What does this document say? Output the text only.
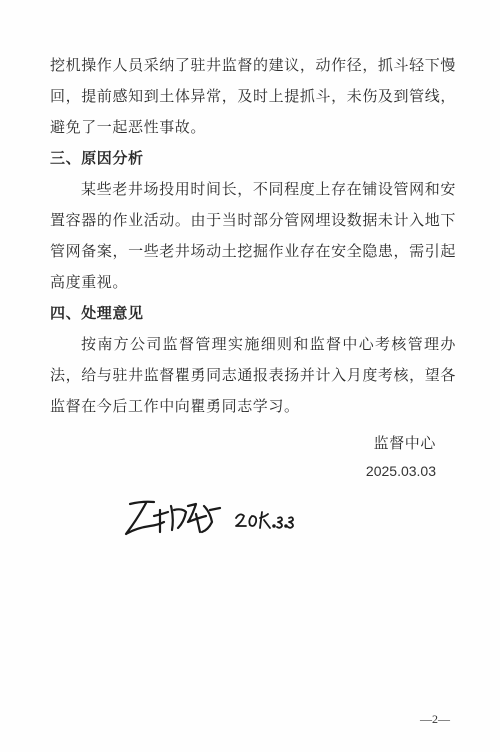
挖机操作人员采纳了驻井监督的建议，动作径，抓斗轻下慢回，提前感知到土体异常，及时上提抓斗，未伤及到管线，避免了一起恶性事故。

三、原因分析

某些老井场投用时间长，不同程度上存在铺设管网和安置容器的作业活动。由于当时部分管网埋设数据未计入地下管网备案，一些老井场动土挖掘作业存在安全隐患，需引起高度重视。

四、处理意见

按南方公司监督管理实施细则和监督中心考核管理办法，给与驻井监督瞿勇同志通报表扬并计入月度考核，望各监督在今后工作中向瞿勇同志学习。

监督中心
2025.03.03
—2—
